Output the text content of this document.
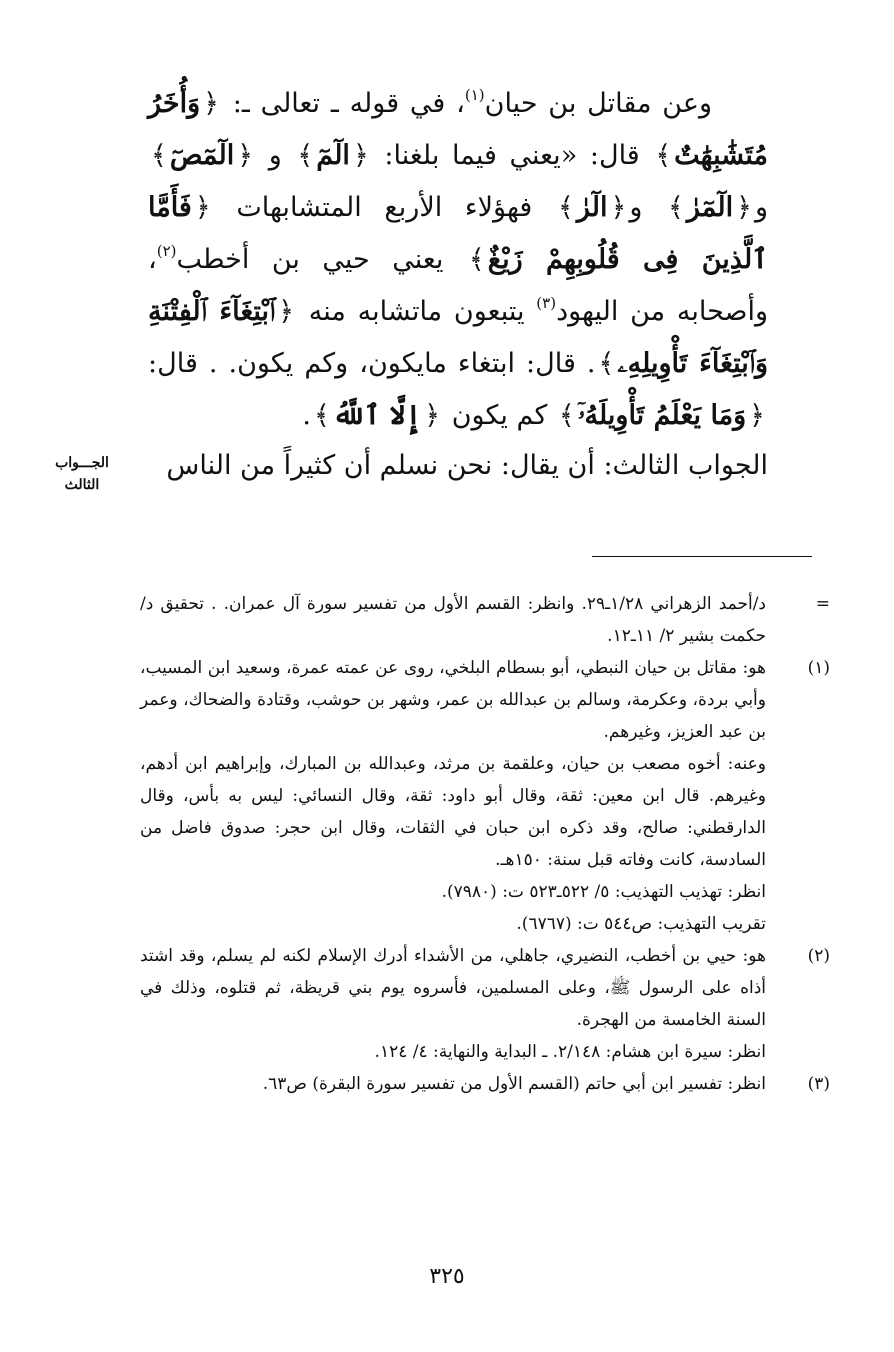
وعن مقاتل بن حيان$^{(١)}$، في قوله ـ تعالى ـ: ﴿وَأُخَرُ مُتَشَٰبِهَٰتٌ﴾ قال: «يعني فيما بلغنا: ﴿الٓمٓ﴾ و ﴿الٓمٓصٓ﴾ و﴿الٓمٓرٰ﴾ و﴿الٓرٰ﴾ فهؤلاء الأربع المتشابهات ﴿فَأَمَّا ٱلَّذِينَ فِى قُلُوبِهِمْ زَيْغٌ﴾ يعني حيي بن أخطب$^{(٢)}$، وأصحابه من اليهود$^{(٣)}$ يتبعون ماتشابه منه ﴿ٱبْتِغَآءَ ٱلْفِتْنَةِ وَٱبْتِغَآءَ تَأْوِيلِهِۦ﴾. قال: ابتغاء مايكون، وكم يكون. . قال: ﴿وَمَا يَعْلَمُ تَأْوِيلَهُۥٓ﴾ كم يكون ﴿إِلَّا ٱللَّهُ﴾.

الجواب الثالث: أن يقال: نحن نسلم أن كثيراً من الناس
الجـــواب
الثالث
=

د/أحمد الزهراني ١/٢٨ـ٢٩. وانظر: القسم الأول من تفسير سورة آل عمران. . تحقيق د/ حكمت بشير ٢/ ١١ـ١٢.

(١)

هو: مقاتل بن حيان النبطي، أبو بسطام البلخي، روى عن عمته عمرة، وسعيد ابن المسيب، وأبي بردة، وعكرمة، وسالم بن عبدالله بن عمر، وشهر بن حوشب، وقتادة والضحاك، وعمر بن عبد العزيز، وغيرهم.

وعنه: أخوه مصعب بن حيان، وعلقمة بن مرثد، وعبدالله بن المبارك، وإبراهيم ابن أدهم، وغيرهم. قال ابن معين: ثقة، وقال أبو داود: ثقة، وقال النسائي: ليس به بأس، وقال الدارقطني: صالح، وقد ذكره ابن حبان في الثقات، وقال ابن حجر: صدوق فاضل من السادسة، كانت وفاته قبل سنة: ١٥٠هـ.

انظر: تهذيب التهذيب: ٥/ ٥٢٢ـ٥٢٣ ت: (٧٩٨٠).

تقريب التهذيب: ص٥٤٤ ت: (٦٧٦٧).

(٢)

هو: حيي بن أخطب، النضيري، جاهلي، من الأشداء أدرك الإسلام لكنه لم يسلم، وقد اشتد أذاه على الرسول ﷺ، وعلى المسلمين، فأسروه يوم بني قريظة، ثم قتلوه، وذلك في السنة الخامسة من الهجرة.

انظر: سيرة ابن هشام: ٢/١٤٨. ـ البداية والنهاية: ٤/ ١٢٤.

(٣)

انظر: تفسير ابن أبي حاتم (القسم الأول من تفسير سورة البقرة) ص٦٣.

٣٢٥
